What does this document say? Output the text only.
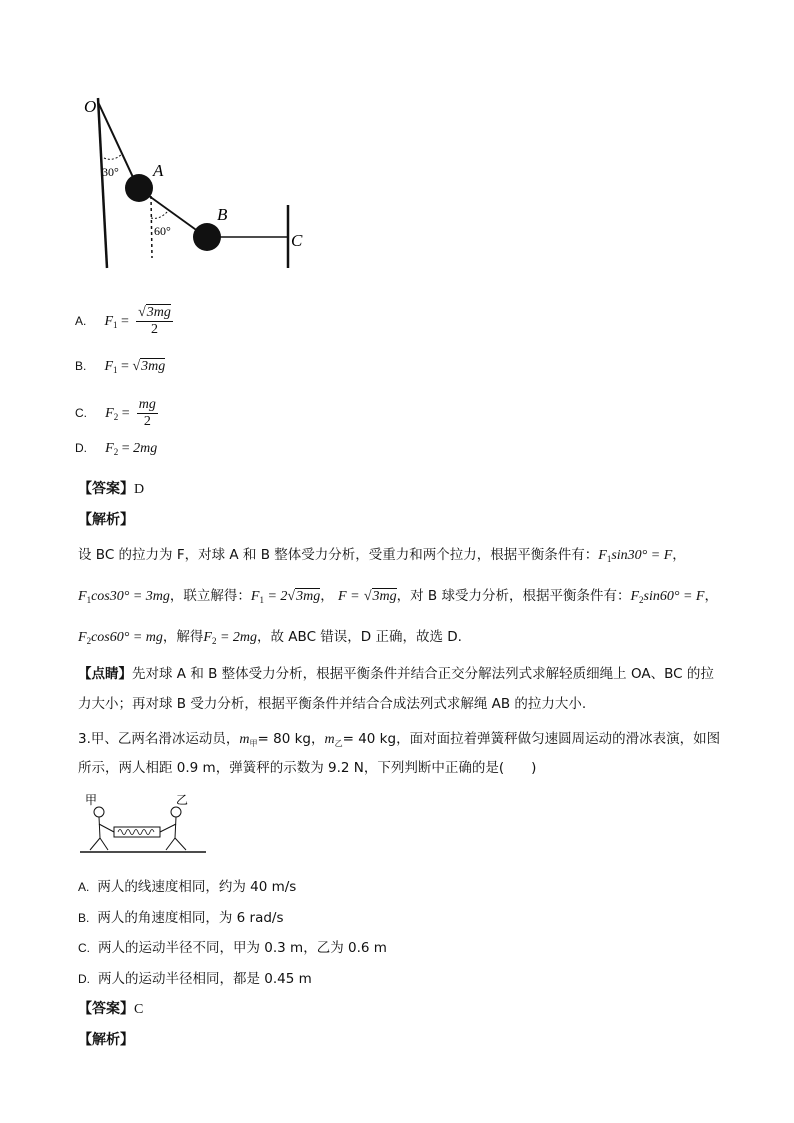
O
A
B
C
30°
60°
A. $F_1 = \frac{√3mg}{2}$
B. $F_1 = √3mg$
C. $F_2 = \frac{mg}{2}$
D. $F_2 = 2mg$
【答案】D
【解析】
设 BC 的拉力为 F，对球 A 和 B 整体受力分析，受重力和两个拉力，根据平衡条件有：$F_1\sin 30^\circ = F$，
$F_1\cos 30^\circ = 3mg$，联立解得：$F_1 = 2√3mg$， F = √3mg，对 B 球受力分析，根据平衡条件有：$F_2\sin 60^\circ = F$，
$F_2\cos 60^\circ$ = mg，解得$F_2 = 2mg$，故 ABC 错误，D 正确，故选 D.
【点睛】先对球 A 和 B 整体受力分析，根据平衡条件并结合正交分解法列式求解轻质细绳上 OA、BC 的拉
力大小；再对球 B 受力分析，根据平衡条件并结合合成法列式求解绳 AB 的拉力大小.
3.甲、乙两名滑冰运动员，$m_甲= 80$ kg，$m_乙= 40$ kg，面对面拉着弹簧秤做匀速圆周运动的滑冰表演，如图
所示，两人相距 0.9 m，弹簧秤的示数为 9.2 N，下列判断中正确的是(　　)
甲	乙
A. 两人的线速度相同，约为 40 m/s
B. 两人的角速度相同，为 6 rad/s
C. 两人的运动半径不同，甲为 0.3 m，乙为 0.6 m
D. 两人的运动半径相同，都是 0.45 m
【答案】C
【解析】
